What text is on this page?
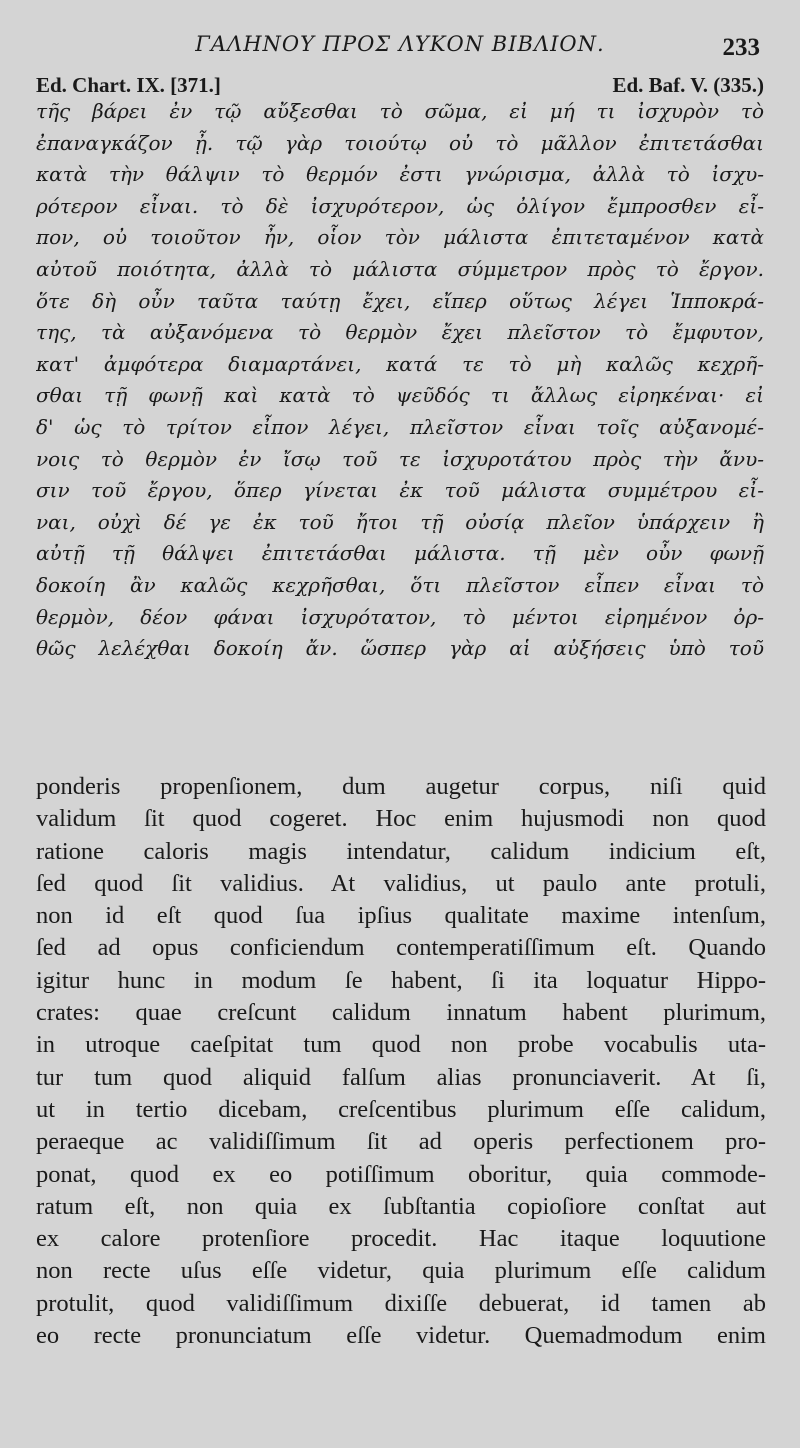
ΓΑΛΗΝΟΥ ΠΡΟΣ ΛΥΚΟΝ ΒΙΒΛΙΟΝ.	233
Ed. Chart. IX. [371.]	Ed. Baf. V. (335.)
τῆς βάρει ἐν τῷ αὔξεσθαι τὸ σῶμα, εἰ μή τι ἰσχυρὸν τὸ
ἐπαναγκάζον ᾖ. τῷ γὰρ τοιούτῳ οὐ τὸ μᾶλλον ἐπιτετάσθαι
κατὰ τὴν θάλψιν τὸ θερμόν ἐστι γνώρισμα, ἀλλὰ τὸ ἰσχυ-
ρότερον εἶναι. τὸ δὲ ἰσχυρότερον, ὡς ὀλίγον ἔμπροσθεν εἶ-
πον, οὐ τοιοῦτον ἦν, οἷον τὸν μάλιστα ἐπιτεταμένον κατὰ
αὐτοῦ ποιότητα, ἀλλὰ τὸ μάλιστα σύμμετρον πρὸς τὸ ἔργον.
ὅτε δὴ οὖν ταῦτα ταύτῃ ἔχει, εἴπερ οὕτως λέγει Ἱπποκρά-
της, τὰ αὐξανόμενα τὸ θερμὸν ἔχει πλεῖστον τὸ ἔμφυτον,
κατ' ἀμφότερα διαμαρτάνει, κατά τε τὸ μὴ καλῶς κεχρῆ-
σθαι τῇ φωνῇ καὶ κατὰ τὸ ψεῦδός τι ἄλλως εἰρηκέναι· εἰ
δ' ὡς τὸ τρίτον εἶπον λέγει, πλεῖστον εἶναι τοῖς αὐξανομέ-
νοις τὸ θερμὸν ἐν ἴσῳ τοῦ τε ἰσχυροτάτου πρὸς τὴν ἄνυ-
σιν τοῦ ἔργου, ὅπερ γίνεται ἐκ τοῦ μάλιστα συμμέτρου εἶ-
ναι, οὐχὶ δέ γε ἐκ τοῦ ἤτοι τῇ οὐσίᾳ πλεῖον ὑπάρχειν ἢ
αὐτῇ τῇ θάλψει ἐπιτετάσθαι μάλιστα. τῇ μὲν οὖν φωνῇ
δοκοίη ἂν καλῶς κεχρῆσθαι, ὅτι πλεῖστον εἶπεν εἶναι τὸ
θερμὸν, δέον φάναι ἰσχυρότατον, τὸ μέντοι εἰρημένον ὀρ-
θῶς λελέχθαι δοκοίη ἄν. ὥσπερ γὰρ αἱ αὐξήσεις ὑπὸ τοῦ
ponderis propenſionem, dum augetur corpus, niſi quid
validum ſit quod cogeret. Hoc enim hujusmodi non quod
ratione caloris magis intendatur, calidum indicium eſt,
ſed quod ſit validius. At validius, ut paulo ante protuli,
non id eſt quod ſua ipſius qualitate maxime intenſum,
ſed ad opus conficiendum contemperatiſſimum eſt. Quando
igitur hunc in modum ſe habent, ſi ita loquatur Hippo-
crates: quae creſcunt calidum innatum habent plurimum,
in utroque caeſpitat tum quod non probe vocabulis uta-
tur tum quod aliquid falſum alias pronunciaverit. At ſi,
ut in tertio dicebam, creſcentibus plurimum eſſe calidum,
peraeque ac validiſſimum ſit ad operis perfectionem pro-
ponat, quod ex eo potiſſimum oboritur, quia commode-
ratum eſt, non quia ex ſubſtantia copioſiore conſtat aut
ex calore protenſiore procedit. Hac itaque loquutione
non recte uſus eſſe videtur, quia plurimum eſſe calidum
protulit, quod validiſſimum dixiſſe debuerat, id tamen ab
eo recte pronunciatum eſſe videtur. Quemadmodum enim
